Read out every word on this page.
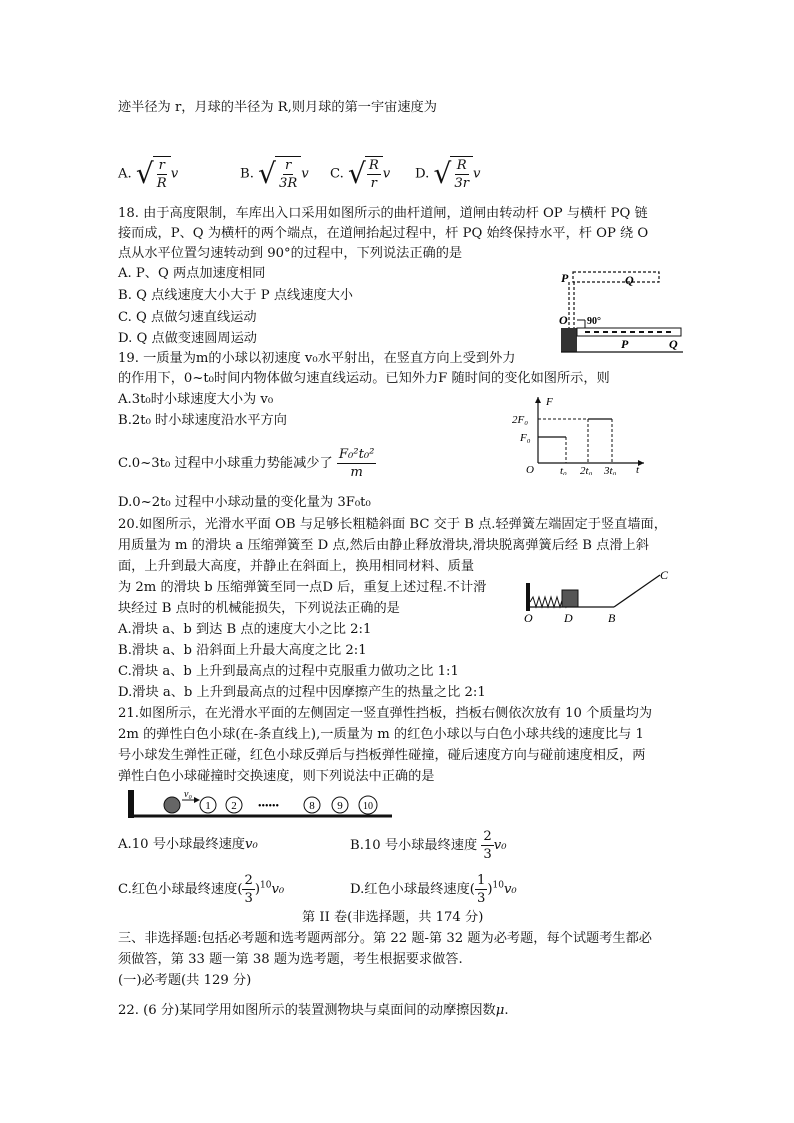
迹半径为 r，月球的半径为 R,则月球的第一宇宙速度为
A. √ $\frac{r}{R}$ v	B. √ $\frac{r}{3R}$ v C. √ $\frac{R}{r}$ v D. √ $\frac{R}{3r}$ v
18. 由于高度限制，车库出入口采用如图所示的曲杆道闸，道闸由转动杆 OP 与横杆 PQ 链
接而成，P、Q 为横杆的两个端点，在道闸抬起过程中，杆 PQ 始终保持水平，杆 OP 绕 O
点从水平位置匀速转动到 90°的过程中，下列说法正确的是
A. P、Q 两点加速度相同
B. Q 点线速度大小大于 P 点线速度大小
C. Q 点做匀速直线运动
D. Q 点做变速圆周运动
P	Q
O 90°
P	Q
19. 一质量为m的小球以初速度 v₀水平射出，在竖直方向上受到外力
的作用下，0~t₀时间内物体做匀速直线运动。已知外力F 随时间的变化如图所示，则
A.3t₀时小球速度大小为 v₀
B.2t₀ 时小球速度沿水平方向
C.0~3t₀ 过程中小球重力势能减少了 $\frac{\text{F₀²t₀²}}{m}$
D.0~2t₀ 过程中小球动量的变化量为 3F₀t₀
F
2F₀
F₀
O t₀ 2t₀ 3t₀ t
20.如图所示，光滑水平面 OB 与足够长粗糙斜面 BC 交于 B 点.轻弹簧左端固定于竖直墙面，
用质量为 m 的滑块 a 压缩弹簧至 D 点,然后由静止释放滑块,滑块脱离弹簧后经 B 点滑上斜
面，上升到最大高度，并静止在斜面上，换用相同材料、质量
为 2m 的滑块 b 压缩弹簧至同一点D 后，重复上述过程.不计滑
块经过 B 点时的机械能损失，下列说法正确的是
A.滑块 a、b 到达 B 点的速度大小之比 2:1
B.滑块 a、b 沿斜面上升最大高度之比 2:1
C.滑块 a、b 上升到最高点的过程中克服重力做功之比 1:1
D.滑块 a、b 上升到最高点的过程中因摩擦产生的热量之比 2:1
C
O	D	B
21.如图所示，在光滑水平面的左侧固定一竖直弹性挡板，挡板右侧依次放有 10 个质量均为
2m 的弹性白色小球(在-条直线上),一质量为 m 的红色小球以与白色小球共线的速度比与 1
号小球发生弹性正碰，红色小球反弹后与挡板弹性碰撞，碰后速度方向与碰前速度相反，两
弹性白色小球碰撞时交换速度，则下列说法中正确的是
v₀
1 2 ••••••	8 9 10
A.10 号小球最终速度v₀	B.10 号小球最终速度 $\frac{2}{3} v_0$
C.红色小球最终速度( $\frac{2}{3} )^{10}v_0$	D.红色小球最终速度( $\frac{1}{3} )^{10}v_0$
第 II 卷(非选择题，共 174 分)
三、非选择题:包括必考题和选考题两部分。第 22 题-第 32 题为必考题，每个试题考生都必
须做答，第 33 题一第 38 题为选考题，考生根据要求做答.
(一)必考题(共 129 分)
22. (6 分)某同学用如图所示的装置测物块与桌面间的动摩擦因数μ.
